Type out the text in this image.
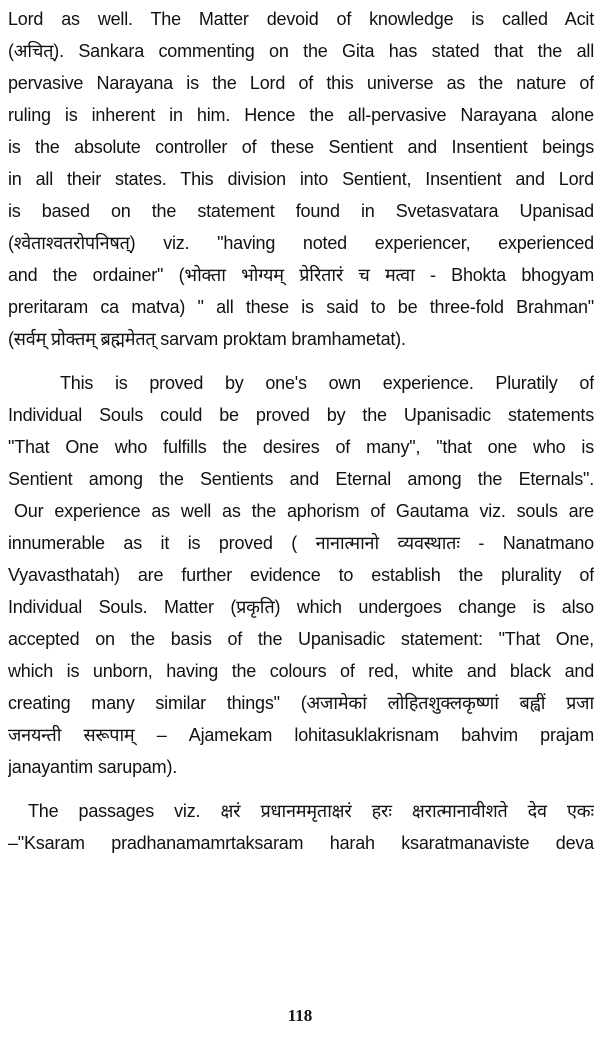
Lord as well. The Matter devoid of knowledge is called Acit
(अचित्). Sankara commenting on the Gita has stated that the all
pervasive Narayana is the Lord of this universe as the nature of
ruling is inherent in him. Hence the all-pervasive Narayana alone
is the absolute controller of these Sentient and Insentient beings
in all their states. This division into Sentient, Insentient and Lord
is based on the statement found in Svetasvatara Upanisad
(श्वेताश्वतरोपनिषत्) viz. "having noted experiencer, experienced
and the ordainer" (भोक्ता भोग्यम् प्रेरितारं च मत्वा - Bhokta bhogyam
preritaram ca matva) " all these is said to be three-fold Brahman"
(सर्वम् प्रोक्तम् ब्रह्ममेतत् sarvam proktam bramhametat).
This is proved by one's own experience. Pluratily of
Individual Souls could be proved by the Upanisadic statements
"That One who fulfills the desires of many", "that one who is
Sentient among the Sentients and Eternal among the Eternals".
Our experience as well as the aphorism of Gautama viz. souls are
innumerable as it is proved ( नानात्मानो व्यवस्थातः - Nanatmano
Vyavasthatah) are further evidence to establish the plurality of
Individual Souls. Matter (प्रकृति) which undergoes change is also
accepted on the basis of the Upanisadic statement: "That One,
which is unborn, having the colours of red, white and black and
creating many similar things" (अजामेकां लोहितशुक्लकृष्णां बह्वीं प्रजा
जनयन्ती सरूपाम् – Ajamekam lohitasuklakrisnam bahvim prajam
janayantim sarupam).
The passages viz. क्षरं प्रधानममृताक्षरं हरः क्षरात्मानावीशते देव एकः
–"Ksaram pradhanamamrtaksaram harah ksaratmanaviste deva
118
